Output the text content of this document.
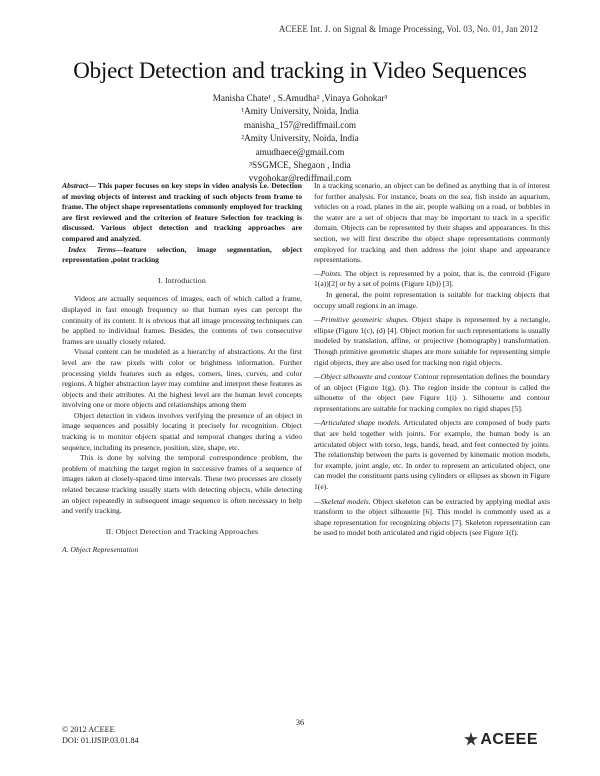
ACEEE Int. J. on Signal & Image Processing, Vol. 03, No. 01, Jan 2012
Object Detection and tracking in Video Sequences
Manisha Chate¹ , S.Amudha² ,Vinaya Gohokar³
¹Amity University, Noida, India
manisha_157@rediffmail.com
²Amity University, Noida, India
amudhaece@gmail.com
³SSGMCE, Shegaon , India
vvgohokar@rediffmail.com

Abstract— This paper focuses on key steps in video analysis i.e. Detection of moving objects of interest and tracking of such objects from frame to frame. The object shape representations commonly employed for tracking are first reviewed and the criterion of feature Selection for tracking is discussed. Various object detection and tracking approaches are compared and analyzed.

Index Terms—feature selection, image segmentation, object representation ,point tracking

I. Introduction

Videos are actually sequences of images, each of which called a frame, displayed in fast enough frequency so that human eyes can percept the continuity of its content. It is obvious that all image processing techniques can be applied to individual frames. Besides, the contents of two consecutive frames are usually closely related.

Visual content can be modeled as a hierarchy of abstractions. At the first level are the raw pixels with color or brightness information. Further processing yields features such as edges, corners, lines, curves, and color regions. A higher abstraction layer may combine and interpret these features as objects and their attributes. At the highest level are the human level concepts involving one or more objects and relationships among them

Object detection in videos involves verifying the presence of an object in image sequences and possibly locating it precisely for recognition. Object tracking is to monitor objects spatial and temporal changes during a video sequence, including its presence, position, size, shape, etc.

This is done by solving the temporal correspondence problem, the problem of matching the target region in successive frames of a sequence of images taken at closely-spaced time intervals. These two processes are closely related because tracking usually starts with detecting objects, while detecting an object repeatedly in subsequent image sequence is often necessary to help and verify tracking.

II. Object Detection and Tracking Approaches
A. Object Representation

In a tracking scenario, an object can be defined as anything that is of interest for further analysis. For instance, boats on the sea, fish inside an aquarium, vehicles on a road, planes in the air, people walking on a road, or bubbles in the water are a set of objects that may be important to track in a specific domain. Objects can be represented by their shapes and appearances. In this section, we will first describe the object shape representations commonly employed for tracking and then address the joint shape and appearance representations.

—Points. The object is represented by a point, that is, the centroid (Figure 1(a))[2] or by a set of points (Figure 1(b)) [3].

In general, the point representation is suitable for tracking objects that occupy small regions in an image.

—Primitive geometric shapes. Object shape is represented by a rectangle, ellipse (Figure 1(c), (d) [4]. Object motion for such representations is usually modeled by translation, affine, or projective (homography) transformation. Though primitive geometric shapes are more suitable for representing simple rigid objects, they are also used for tracking non rigid objects.

—Object silhouette and contour Contour representation defines the boundary of an object (Figure 1(g), (h). The region inside the contour is called the silhouette of the object (see Figure 1(i) ). Silhouette and contour representations are suitable for tracking complex no rigid shapes [5].

—Articulated shape models. Articulated objects are composed of body parts that are held together with joints. For example, the human body is an articulated object with torso, legs, hands, head, and feet connected by joints. The relationship between the parts is governed by kinematic motion models, for example, joint angle, etc. In order to represent an articulated object, one can model the constituent parts using cylinders or ellipses as shown in Figure 1(e).

—Skeletal models. Object skeleton can be extracted by applying medial axis transform to the object silhouette [6]. This model is commonly used as a shape representation for recognizing objects [7]. Skeleton representation can be used to model both articulated and rigid objects (see Figure 1(f).

© 2012 ACEEE
DOI: 01.IJSIP.03.01.84
36
ACEEE
